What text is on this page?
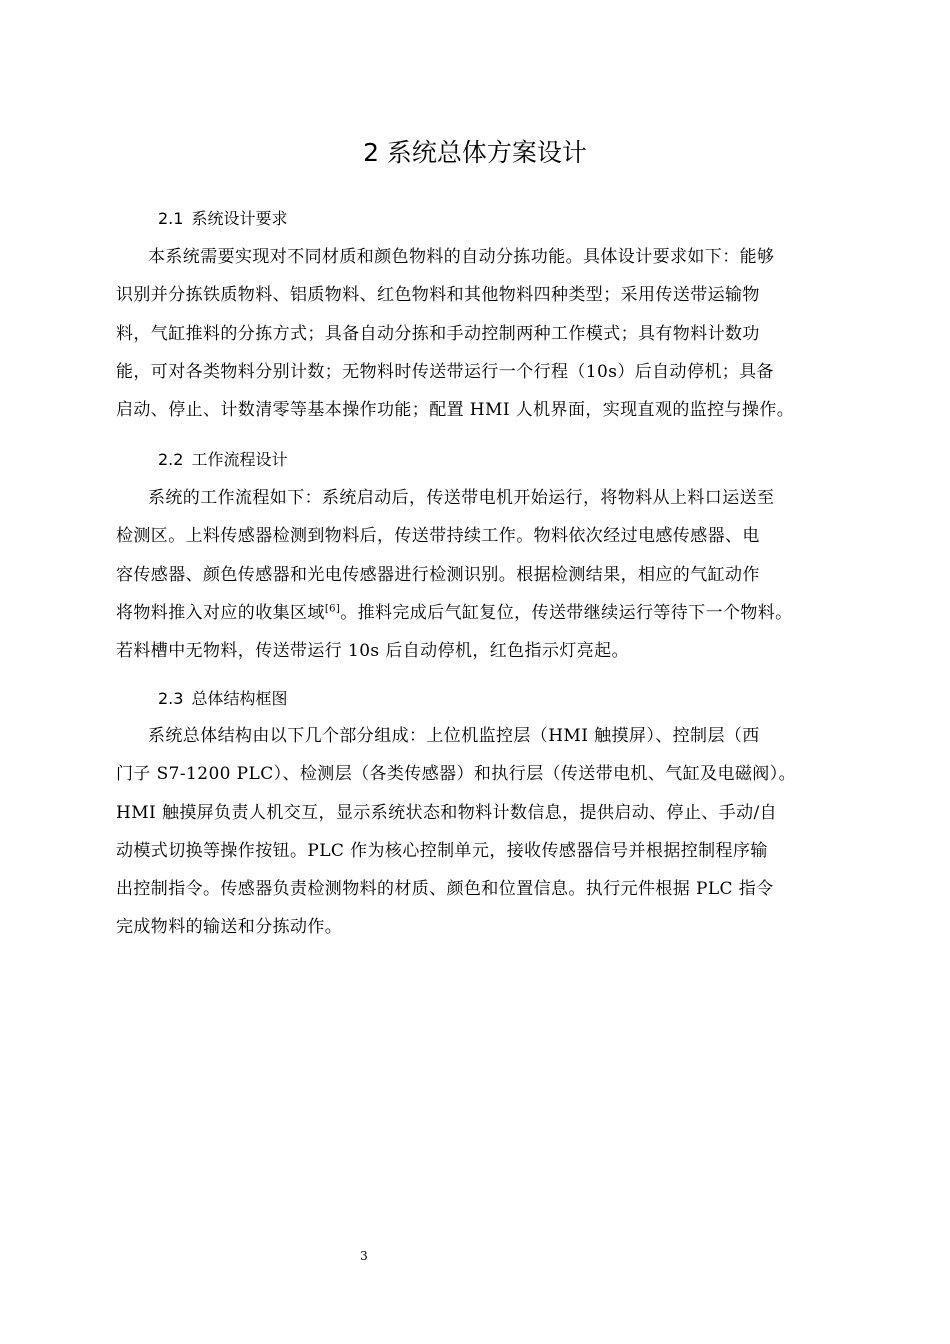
2 系统总体方案设计
2.1 系统设计要求
本系统需要实现对不同材质和颜色物料的自动分拣功能。具体设计要求如下：能够
识别并分拣铁质物料、铝质物料、红色物料和其他物料四种类型；采用传送带运输物
料，气缸推料的分拣方式；具备自动分拣和手动控制两种工作模式；具有物料计数功
能，可对各类物料分别计数；无物料时传送带运行一个行程（10s）后自动停机；具备
启动、停止、计数清零等基本操作功能；配置 HMI 人机界面，实现直观的监控与操作。
2.2 工作流程设计
系统的工作流程如下：系统启动后，传送带电机开始运行，将物料从上料口运送至
检测区。上料传感器检测到物料后，传送带持续工作。物料依次经过电感传感器、电
容传感器、颜色传感器和光电传感器进行检测识别。根据检测结果，相应的气缸动作
将物料推入对应的收集区域[6]。推料完成后气缸复位，传送带继续运行等待下一个物料。
若料槽中无物料，传送带运行 10s 后自动停机，红色指示灯亮起。
2.3 总体结构框图
系统总体结构由以下几个部分组成：上位机监控层（HMI 触摸屏）、控制层（西
门子 S7-1200 PLC）、检测层（各类传感器）和执行层（传送带电机、气缸及电磁阀）。
HMI 触摸屏负责人机交互，显示系统状态和物料计数信息，提供启动、停止、手动/自
动模式切换等操作按钮。PLC 作为核心控制单元，接收传感器信号并根据控制程序输
出控制指令。传感器负责检测物料的材质、颜色和位置信息。执行元件根据 PLC 指令
完成物料的输送和分拣动作。
3
